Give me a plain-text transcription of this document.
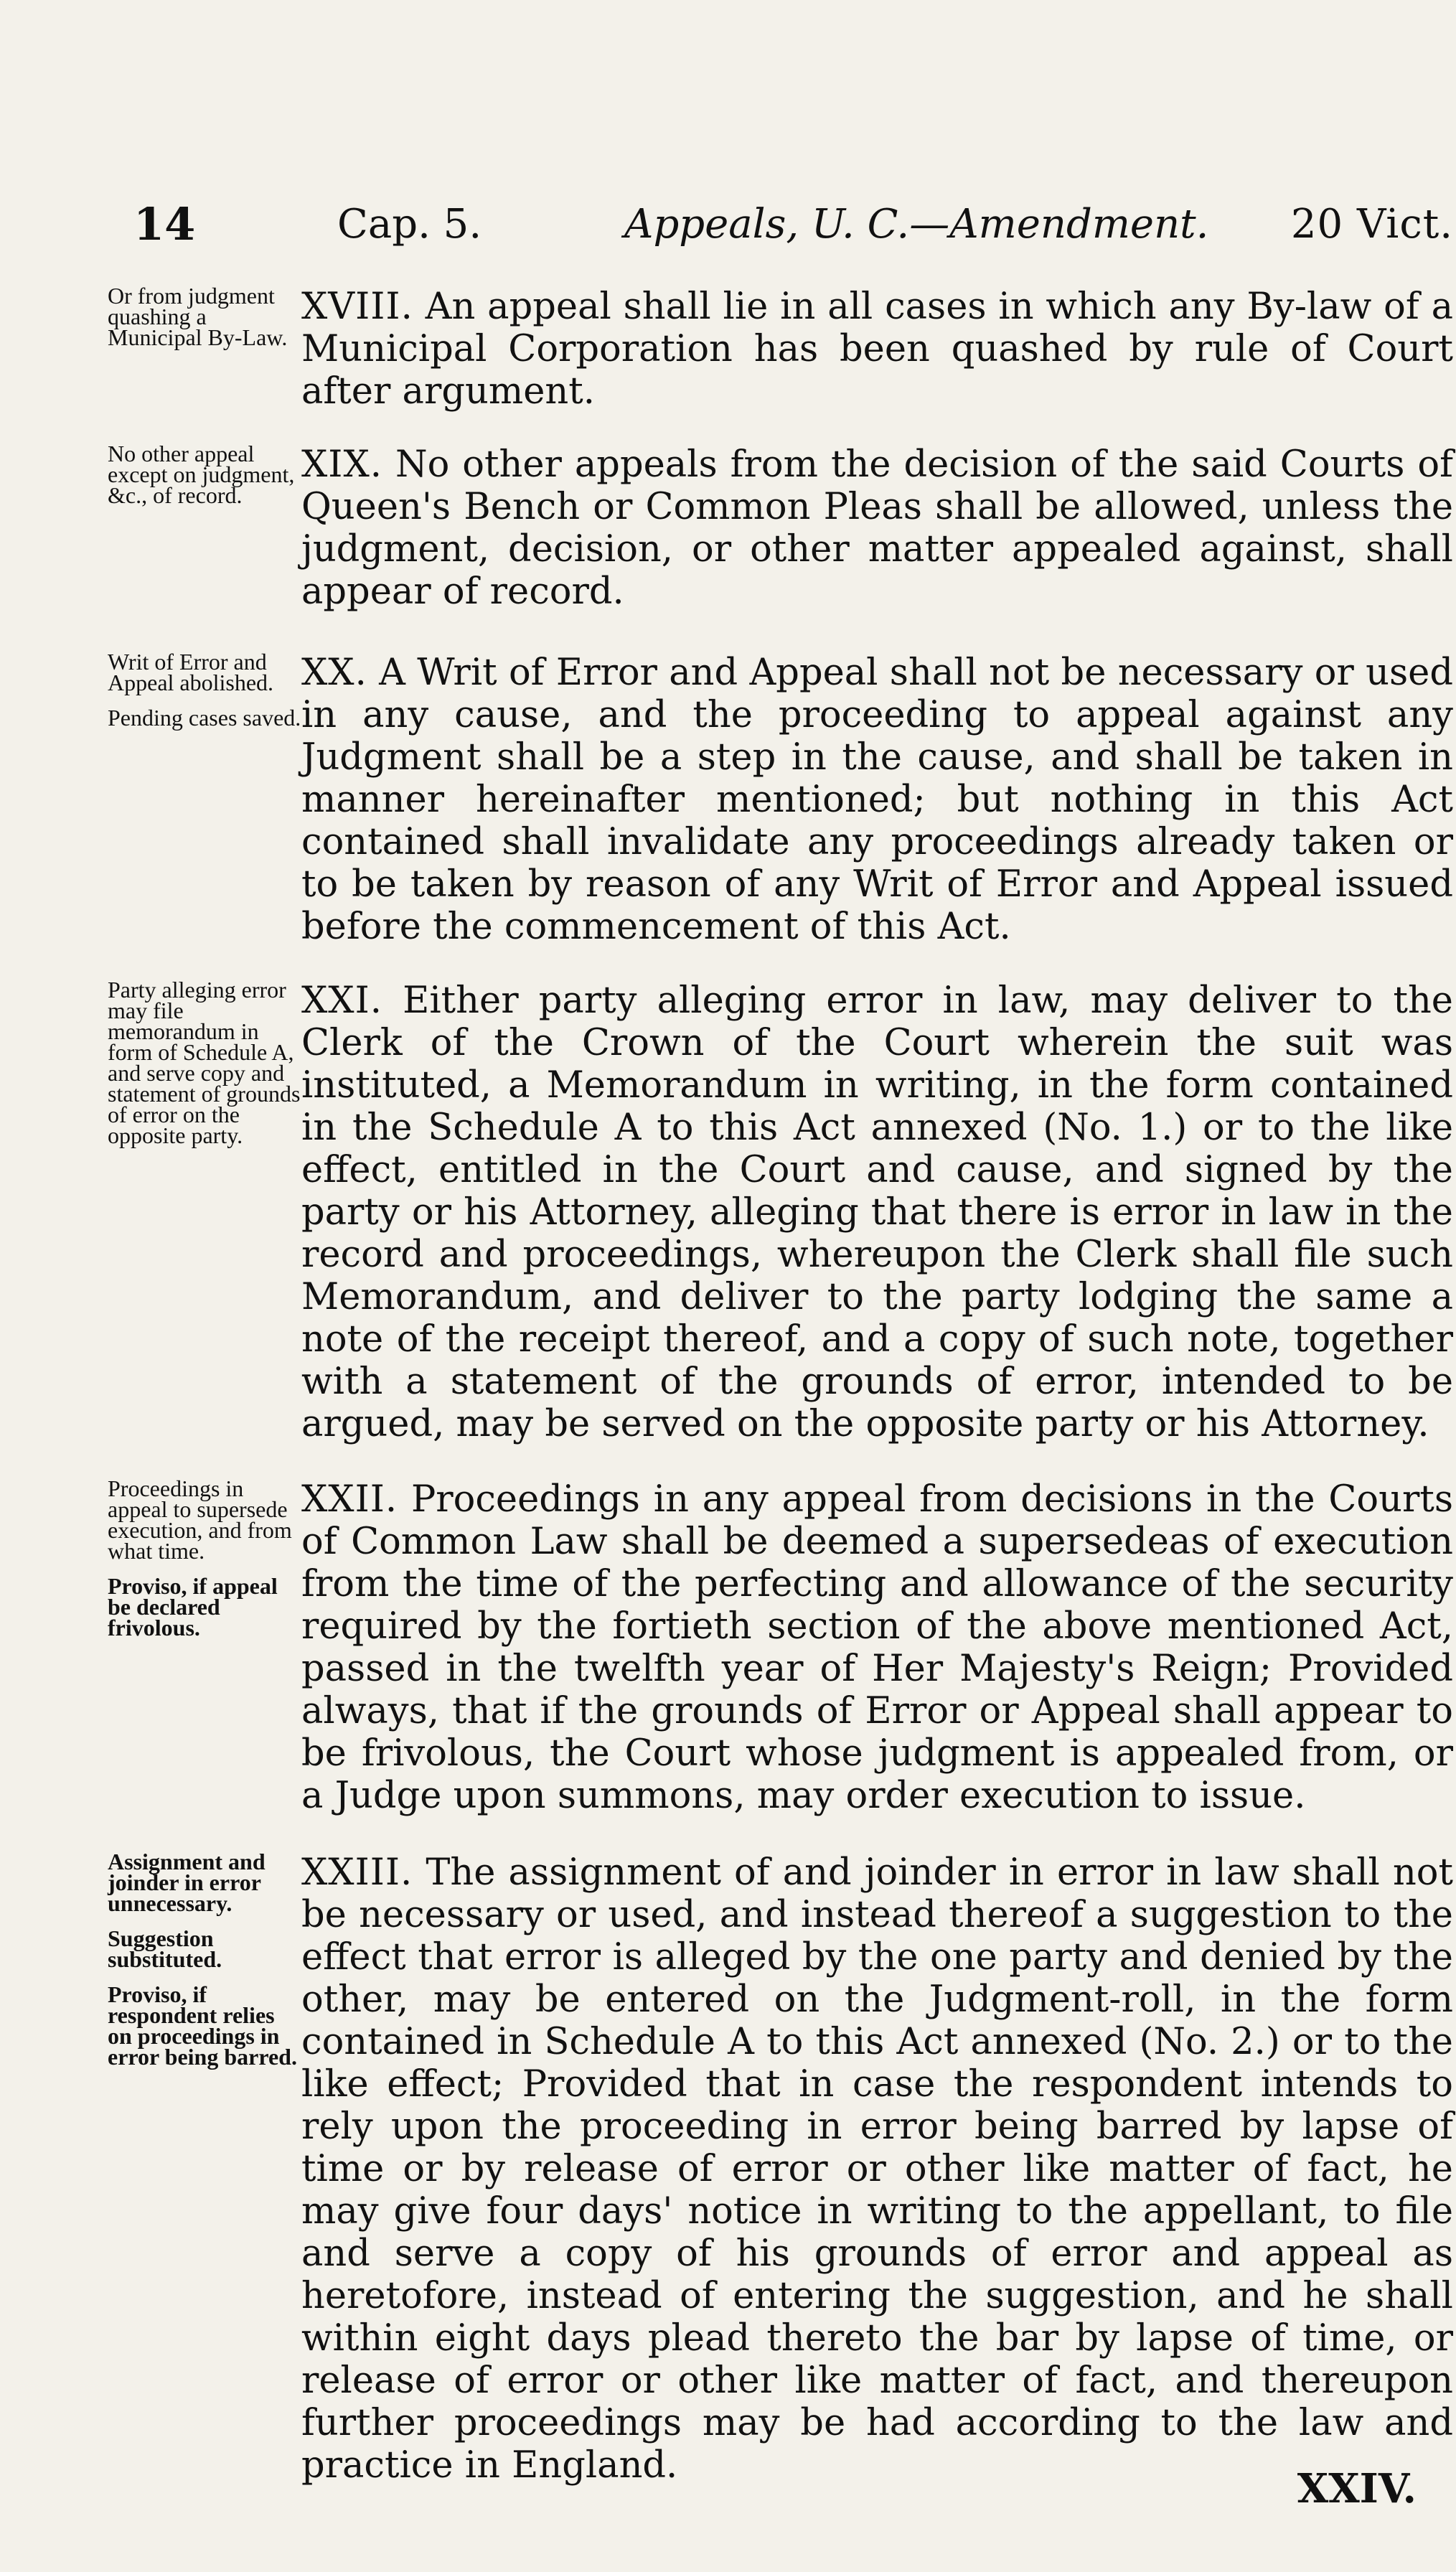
14	Cap. 5.	Appeals, U. C.—Amendment. 20 Vict.
Or from judgment quashing a Municipal By-Law.
XVIII. An appeal shall lie in all cases in which any By-law of a Municipal Corporation has been quashed by rule of Court after argument.
No other appeal except on judgment, &c., of record.
XIX. No other appeals from the decision of the said Courts of Queen's Bench or Common Pleas shall be allowed, unless the judgment, decision, or other matter appealed against, shall appear of record.
Writ of Error and Appeal abolished.
Pending cases saved.
XX. A Writ of Error and Appeal shall not be necessary or used in any cause, and the proceeding to appeal against any Judgment shall be a step in the cause, and shall be taken in manner hereinafter mentioned; but nothing in this Act contained shall invalidate any proceedings already taken or to be taken by reason of any Writ of Error and Appeal issued before the commencement of this Act.
Party alleging error may file memorandum in form of Schedule A, and serve copy and statement of grounds of error on the opposite party.
XXI. Either party alleging error in law, may deliver to the Clerk of the Crown of the Court wherein the suit was instituted, a Memorandum in writing, in the form contained in the Schedule A to this Act annexed (No. 1.) or to the like effect, entitled in the Court and cause, and signed by the party or his Attorney, alleging that there is error in law in the record and proceedings, whereupon the Clerk shall file such Memorandum, and deliver to the party lodging the same a note of the receipt thereof, and a copy of such note, together with a statement of the grounds of error, intended to be argued, may be served on the opposite party or his Attorney.
Proceedings in appeal to supersede execution, and from what time.
Proviso, if appeal be declared frivolous.
XXII. Proceedings in any appeal from decisions in the Courts of Common Law shall be deemed a supersedeas of execution from the time of the perfecting and allowance of the security required by the fortieth section of the above mentioned Act, passed in the twelfth year of Her Majesty's Reign; Provided always, that if the grounds of Error or Appeal shall appear to be frivolous, the Court whose judgment is appealed from, or a Judge upon summons, may order execution to issue.
Assignment and joinder in error unnecessary.
Suggestion substituted.
Proviso, if respondent relies on proceedings in error being barred.
XXIII. The assignment of and joinder in error in law shall not be necessary or used, and instead thereof a suggestion to the effect that error is alleged by the one party and denied by the other, may be entered on the Judgment-roll, in the form contained in Schedule A to this Act annexed (No. 2.) or to the like effect; Provided that in case the respondent intends to rely upon the proceeding in error being barred by lapse of time or by release of error or other like matter of fact, he may give four days' notice in writing to the appellant, to file and serve a copy of his grounds of error and appeal as heretofore, instead of entering the suggestion, and he shall within eight days plead thereto the bar by lapse of time, or release of error or other like matter of fact, and thereupon further proceedings may be had according to the law and practice in England.	XXIV.
